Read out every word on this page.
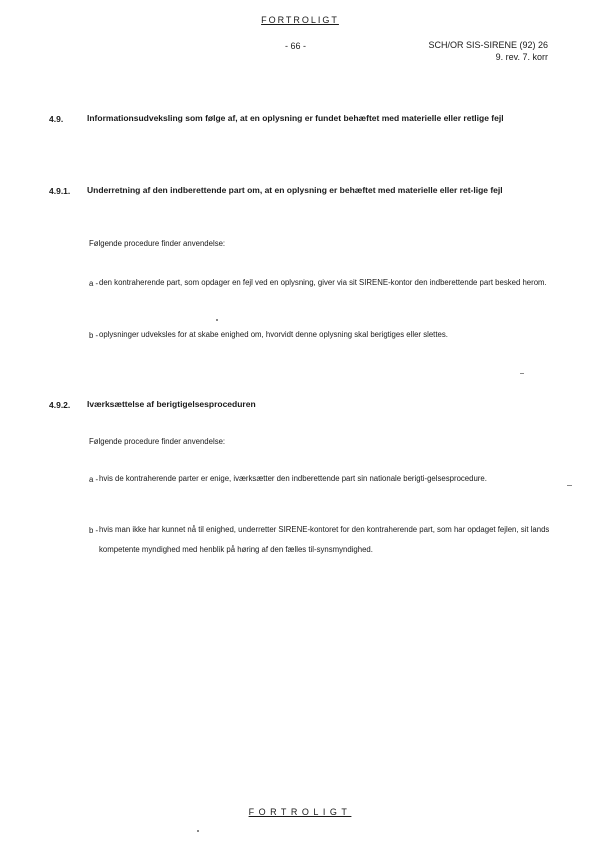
FORTROLIGT
- 66 -	SCH/OR SIS-SIRENE (92) 26
9. rev. 7. korr
4.9.	Informationsudveksling som følge af, at en oplysning er fundet behæftet med materielle eller retlige fejl
4.9.1. Underretning af den indberettende part om, at en oplysning er behæftet med materielle eller ret-lige fejl
Følgende procedure finder anvendelse:
a - den kontraherende part, som opdager en fejl ved en oplysning, giver via sit SIRENE-kontor den indberettende part besked herom.
b - oplysninger udveksles for at skabe enighed om, hvorvidt denne oplysning skal berigtiges eller slettes.
4.9.2. Iværksættelse af berigtigelsesproceduren
Følgende procedure finder anvendelse:
a - hvis de kontraherende parter er enige, iværksætter den indberettende part sin nationale berigti-gelsesprocedure.
b - hvis man ikke har kunnet nå til enighed, underretter SIRENE-kontoret for den kontraherende part, som har opdaget fejlen, sit lands kompetente myndighed med henblik på høring af den fælles til-synsmyndighed.
FORTROLIGT
